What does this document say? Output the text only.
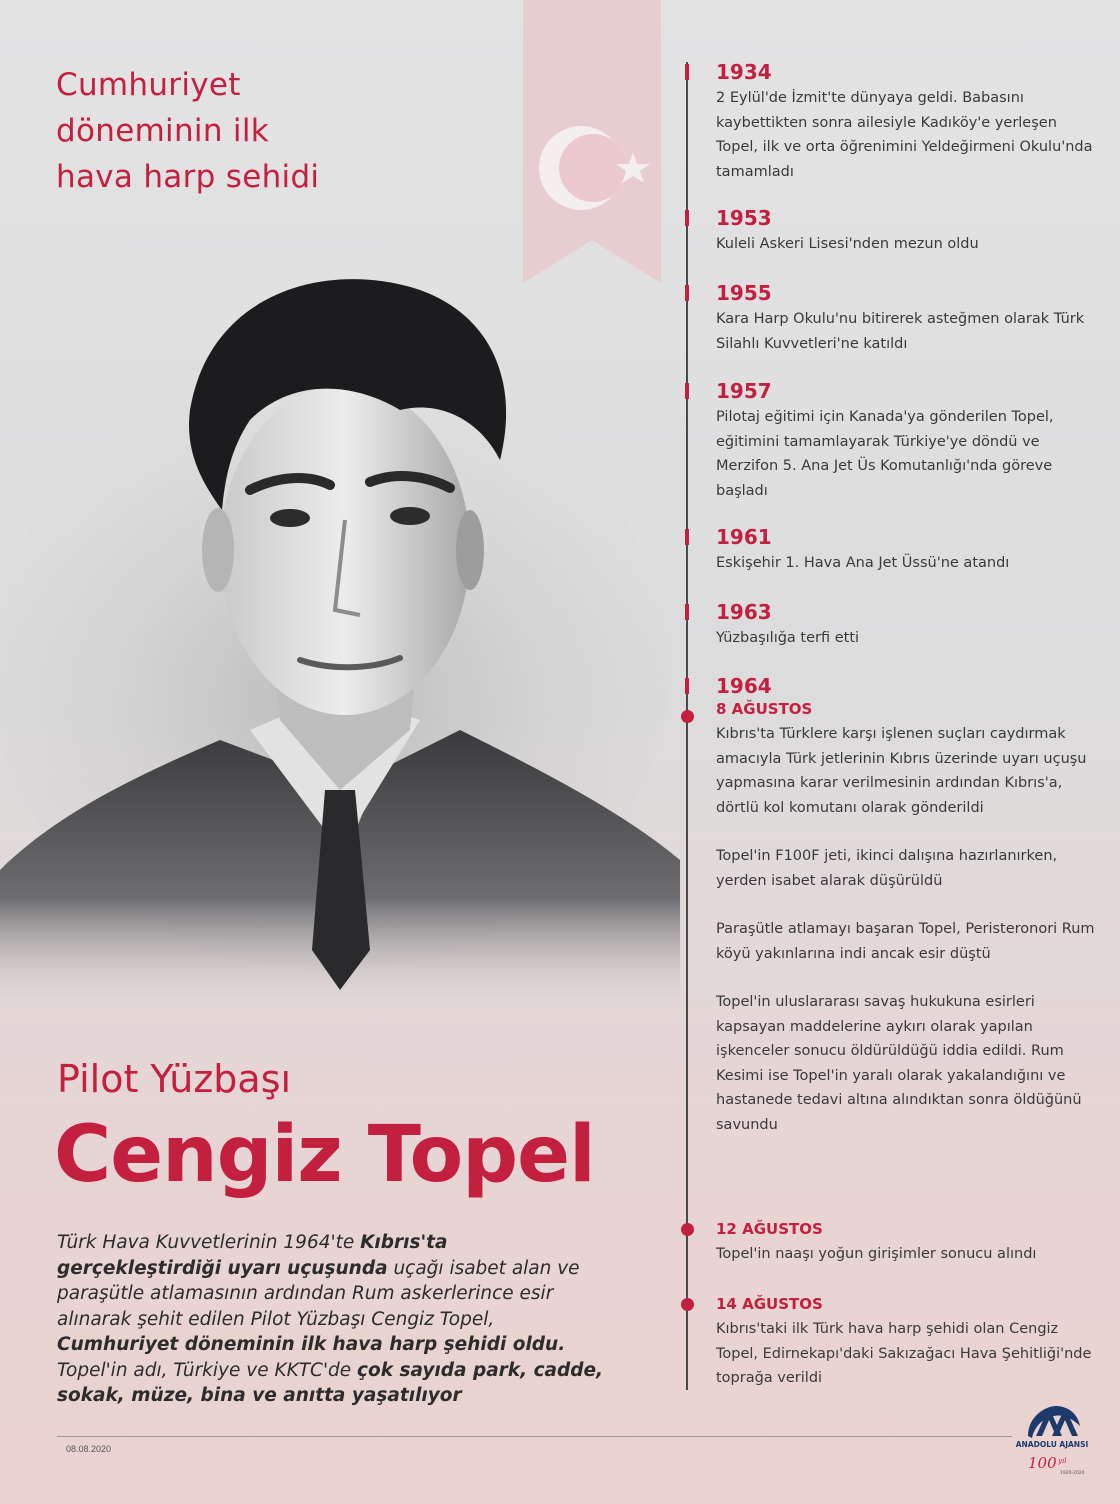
Cumhuriyet döneminin ilk hava harp sehidi
Pilot Yüzbaşı
Cengiz Topel
Türk Hava Kuvvetlerinin 1964'te Kıbrıs'ta gerçekleştirdiği uyarı uçuşunda uçağı isabet alan ve paraşütle atlamasının ardından Rum askerlerince esir alınarak şehit edilen Pilot Yüzbaşı Cengiz Topel, Cumhuriyet döneminin ilk hava harp şehidi oldu. Topel'in adı, Türkiye ve KKTC'de çok sayıda park, cadde, sokak, müze, bina ve anıtta yaşatılıyor
1934
2 Eylül'de İzmit'te dünyaya geldi. Babasını kaybettikten sonra ailesiyle Kadıköy'e yerleşen Topel, ilk ve orta öğrenimini Yeldeğirmeni Okulu'nda tamamladı
1953
Kuleli Askeri Lisesi'nden mezun oldu
1955
Kara Harp Okulu'nu bitirerek asteğmen olarak Türk Silahlı Kuvvetleri'ne katıldı
1957
Pilotaj eğitimi için Kanada'ya gönderilen Topel, eğitimini tamamlayarak Türkiye'ye döndü ve Merzifon 5. Ana Jet Üs Komutanlığı'nda göreve başladı
1961
Eskişehir 1. Hava Ana Jet Üssü'ne atandı
1963
Yüzbaşılığa terfi etti
1964
8 AĞUSTOS
Kıbrıs'ta Türklere karşı işlenen suçları caydırmak amacıyla Türk jetlerinin Kıbrıs üzerinde uyarı uçuşu yapmasına karar verilmesinin ardından Kıbrıs'a, dörtlü kol komutanı olarak gönderildi
Topel'in F100F jeti, ikinci dalışına hazırlanırken, yerden isabet alarak düşürüldü
Paraşütle atlamayı başaran Topel, Peristeronori Rum köyü yakınlarına indi ancak esir düştü
Topel'in uluslararası savaş hukukuna esirleri kapsayan maddelerine aykırı olarak yapılan işkenceler sonucu öldürüldüğü iddia edildi. Rum Kesimi ise Topel'in yaralı olarak yakalandığını ve hastanede tedavi altına alındıktan sonra öldüğünü savundu
12 AĞUSTOS
Topel'in naaşı yoğun girişimler sonucu alındı
14 AĞUSTOS
Kıbrıs'taki ilk Türk hava harp şehidi olan Cengiz Topel, Edirnekapı'daki Sakızağacı Hava Şehitliği'nde toprağa verildi
08.08.2020	ANADOLU AJANSI
100 yıl
1920-2020
